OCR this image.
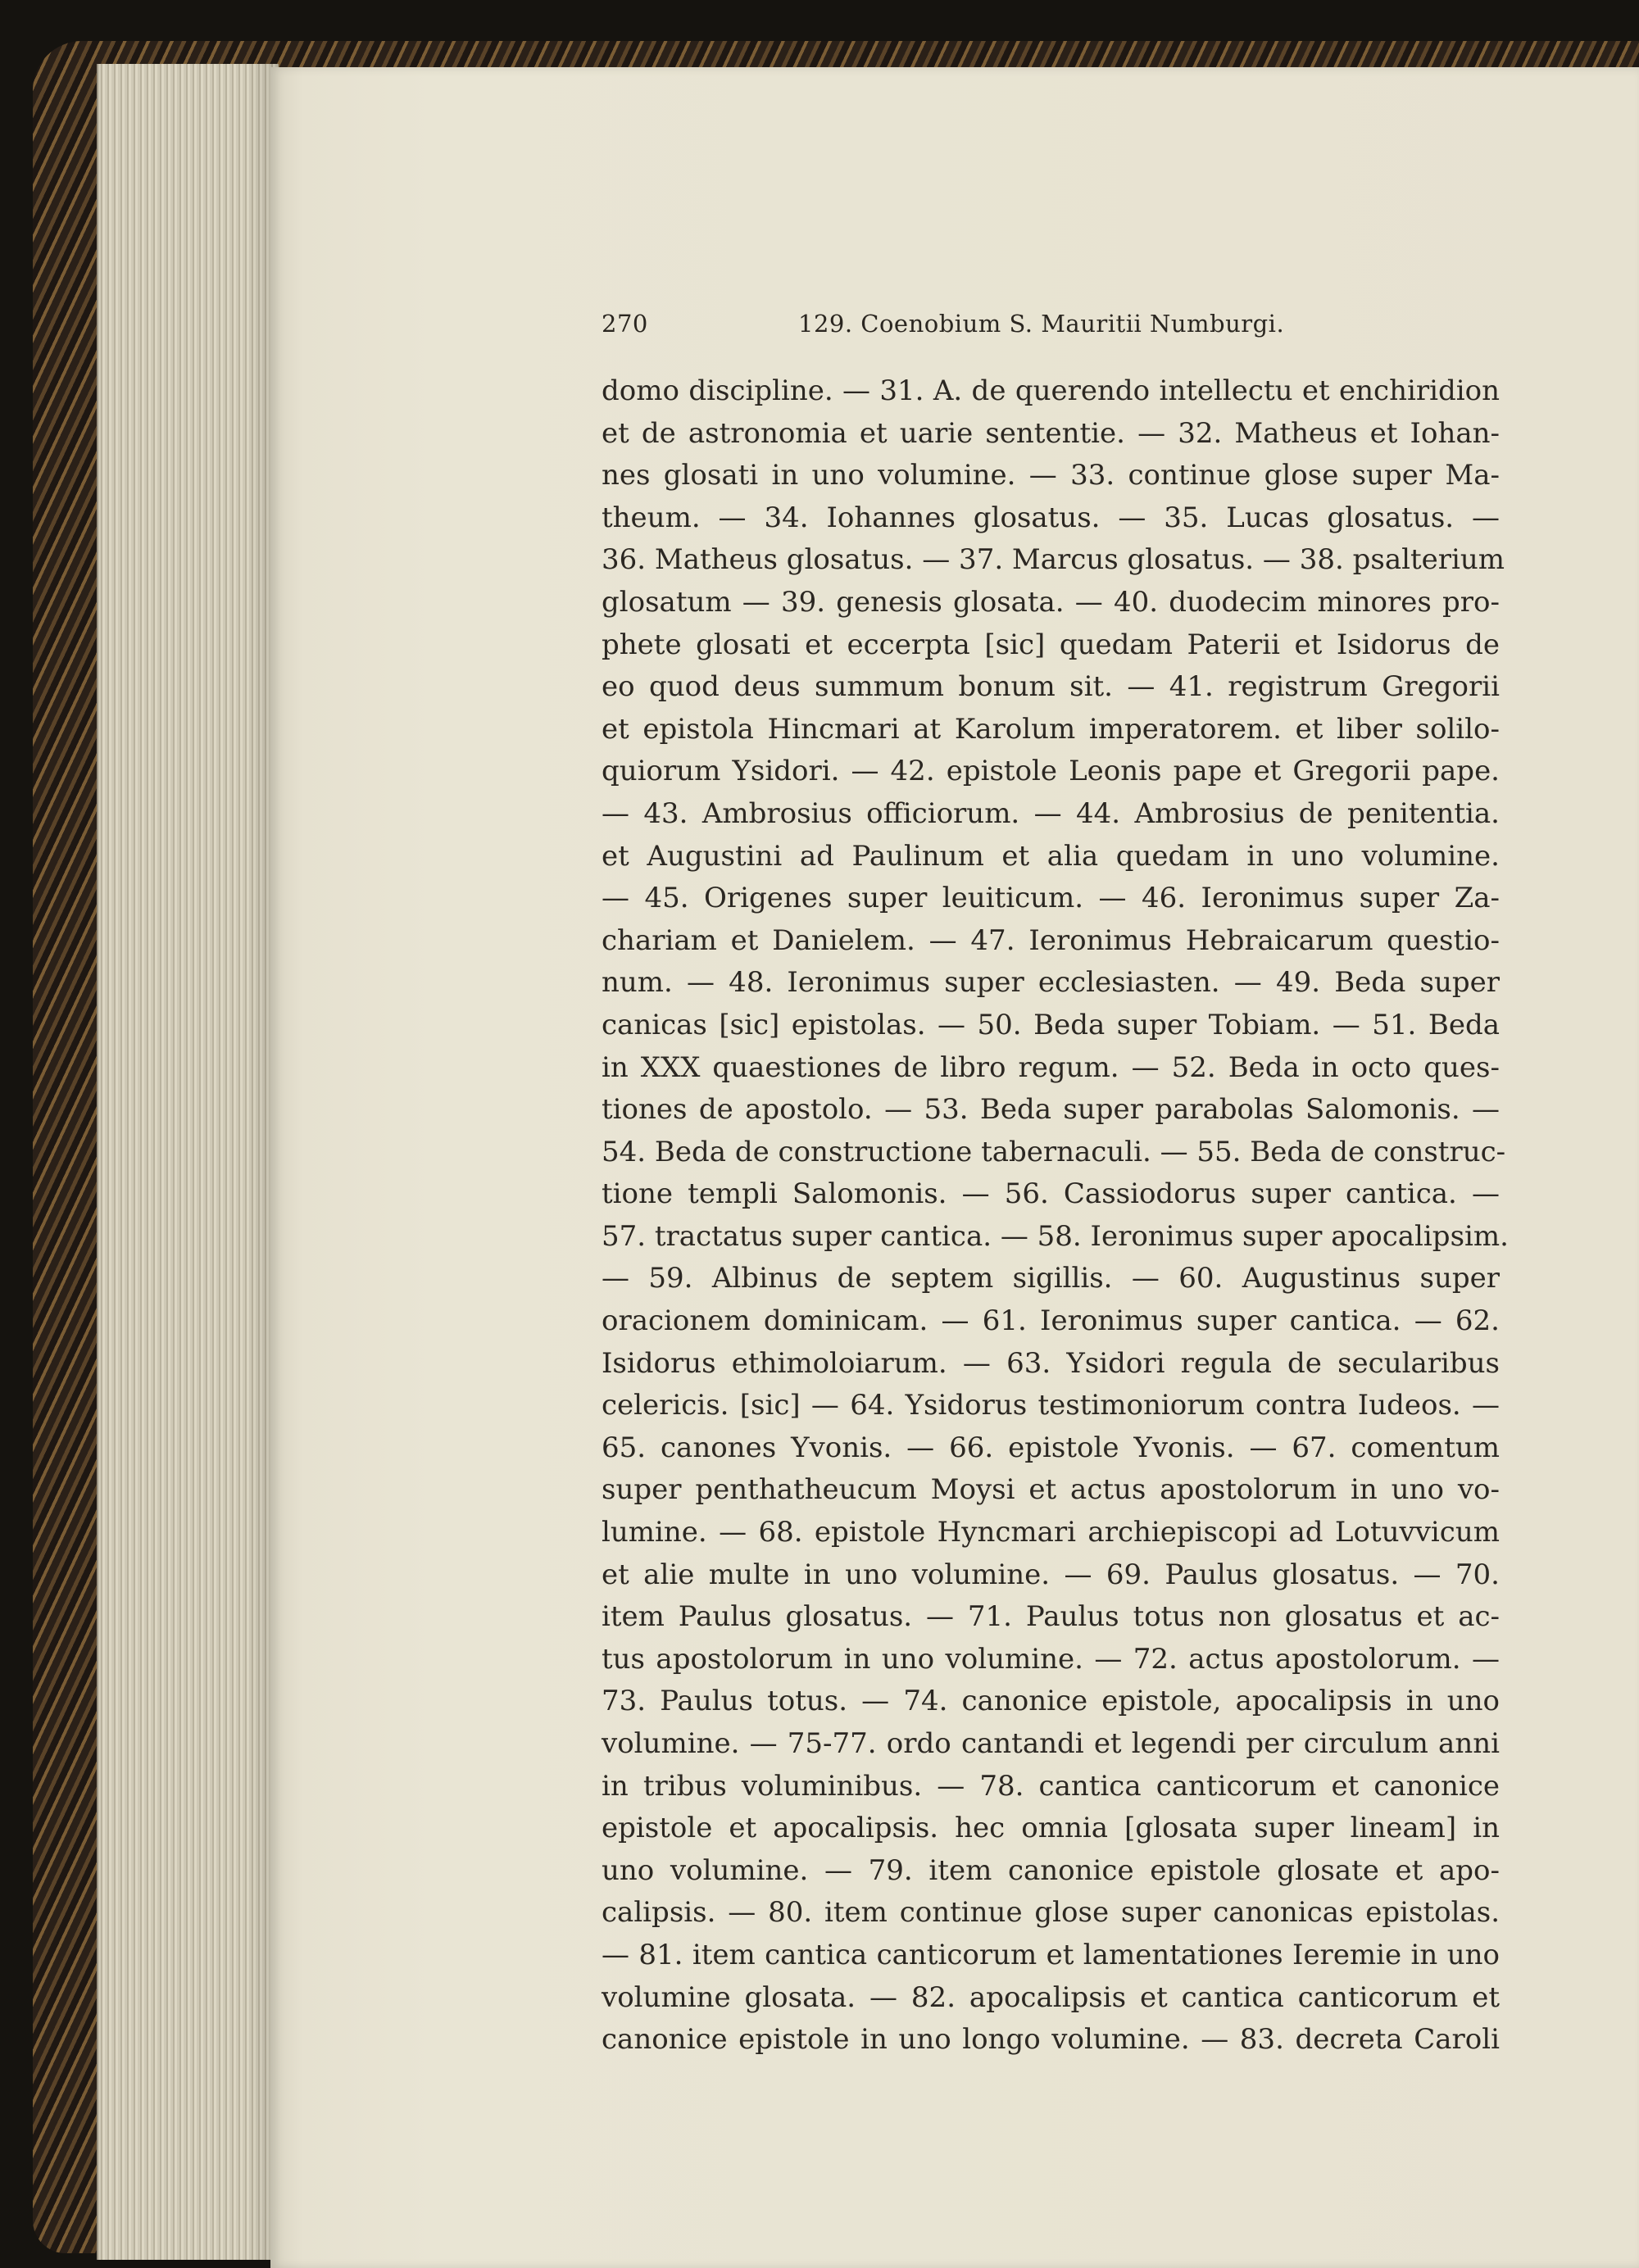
270	129. Coenobium S. Mauritii Numburgi.
domo discipline. — 31. A. de querendo intellectu et enchiridion
et de astronomia et uarie sententie. — 32. Matheus et Iohan-
nes glosati in uno volumine. — 33. continue glose super Ma-
theum. — 34. Iohannes glosatus. — 35. Lucas glosatus. —
36. Matheus glosatus. — 37. Marcus glosatus. — 38. psalterium
glosatum — 39. genesis glosata. — 40. duodecim minores pro-
phete glosati et eccerpta [sic] quedam Paterii et Isidorus de
eo quod deus summum bonum sit. — 41. registrum Gregorii
et epistola Hincmari at Karolum imperatorem. et liber solilo-
quiorum Ysidori. — 42. epistole Leonis pape et Gregorii pape.
— 43. Ambrosius officiorum. — 44. Ambrosius de penitentia.
et Augustini ad Paulinum et alia quedam in uno volumine.
— 45. Origenes super leuiticum. — 46. Ieronimus super Za-
chariam et Danielem. — 47. Ieronimus Hebraicarum questio-
num. — 48. Ieronimus super ecclesiasten. — 49. Beda super
canicas [sic] epistolas. — 50. Beda super Tobiam. — 51. Beda
in XXX quaestiones de libro regum. — 52. Beda in octo ques-
tiones de apostolo. — 53. Beda super parabolas Salomonis. —
54. Beda de constructione tabernaculi. — 55. Beda de construc-
tione templi Salomonis. — 56. Cassiodorus super cantica. —
57. tractatus super cantica. — 58. Ieronimus super apocalipsim.
— 59. Albinus de septem sigillis. — 60. Augustinus super
oracionem dominicam. — 61. Ieronimus super cantica. — 62.
Isidorus ethimoloiarum. — 63. Ysidori regula de secularibus
celericis. [sic] — 64. Ysidorus testimoniorum contra Iudeos. —
65. canones Yvonis. — 66. epistole Yvonis. — 67. comentum
super penthatheucum Moysi et actus apostolorum in uno vo-
lumine. — 68. epistole Hyncmari archiepiscopi ad Lotuvvicum
et alie multe in uno volumine. — 69. Paulus glosatus. — 70.
item Paulus glosatus. — 71. Paulus totus non glosatus et ac-
tus apostolorum in uno volumine. — 72. actus apostolorum. —
73. Paulus totus. — 74. canonice epistole, apocalipsis in uno
volumine. — 75-77. ordo cantandi et legendi per circulum anni
in tribus voluminibus. — 78. cantica canticorum et canonice
epistole et apocalipsis. hec omnia [glosata super lineam] in
uno volumine. — 79. item canonice epistole glosate et apo-
calipsis. — 80. item continue glose super canonicas epistolas.
— 81. item cantica canticorum et lamentationes Ieremie in uno
volumine glosata. — 82. apocalipsis et cantica canticorum et
canonice epistole in uno longo volumine. — 83. decreta Caroli
